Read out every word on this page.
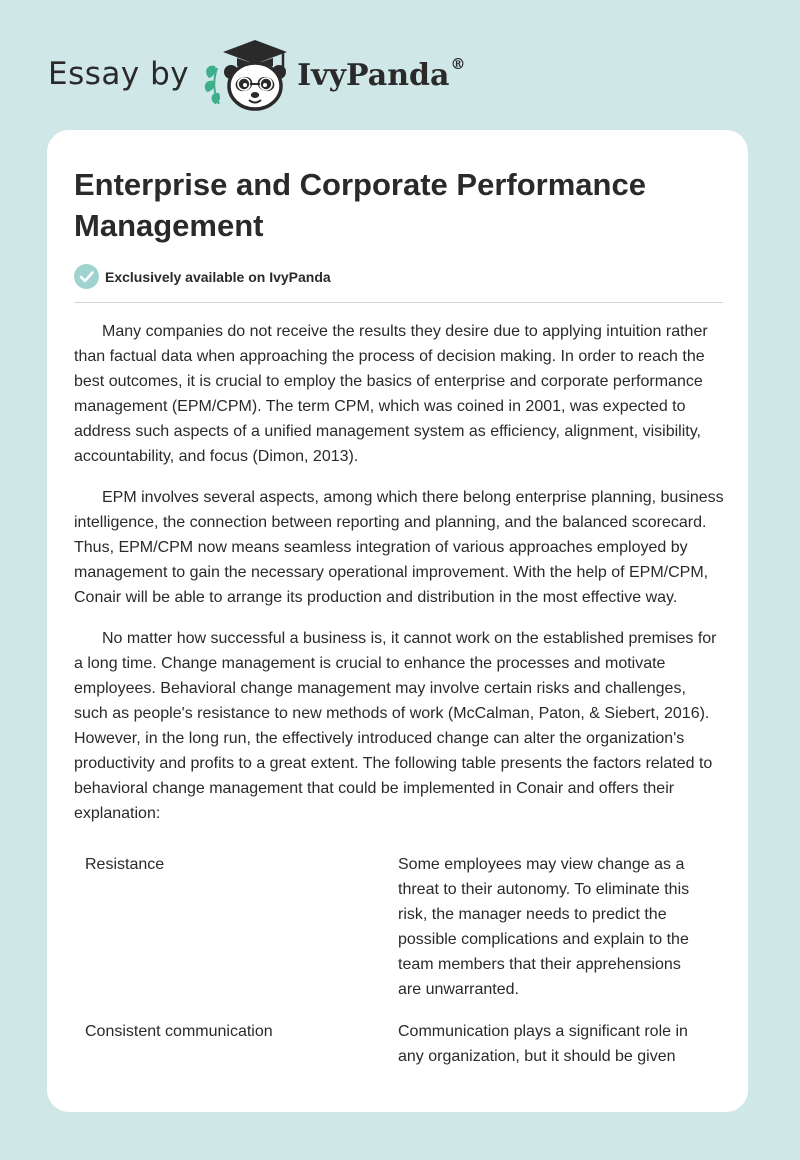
Essay by	IvyPanda®
Enterprise and Corporate Performance Management
Exclusively available on IvyPanda

Many companies do not receive the results they desire due to applying intuition rather than factual data when approaching the process of decision making. In order to reach the best outcomes, it is crucial to employ the basics of enterprise and corporate performance management (EPM/CPM). The term CPM, which was coined in 2001, was expected to address such aspects of a unified management system as efficiency, alignment, visibility, accountability, and focus (Dimon, 2013).

EPM involves several aspects, among which there belong enterprise planning, business intelligence, the connection between reporting and planning, and the balanced scorecard. Thus, EPM/CPM now means seamless integration of various approaches employed by management to gain the necessary operational improvement. With the help of EPM/CPM, Conair will be able to arrange its production and distribution in the most effective way.

No matter how successful a business is, it cannot work on the established premises for a long time. Change management is crucial to enhance the processes and motivate employees. Behavioral change management may involve certain risks and challenges, such as people's resistance to new methods of work (McCalman, Paton, & Siebert, 2016). However, in the long run, the effectively introduced change can alter the organization's productivity and profits to a great extent. The following table presents the factors related to behavioral change management that could be implemented in Conair and offers their explanation:

Resistance	Some employees may view change as a threat to their autonomy. To eliminate this risk, the manager needs to predict the possible complications and explain to the team members that their apprehensions are unwarranted.
Consistent communication	Communication plays a significant role in any organization, but it should be given
